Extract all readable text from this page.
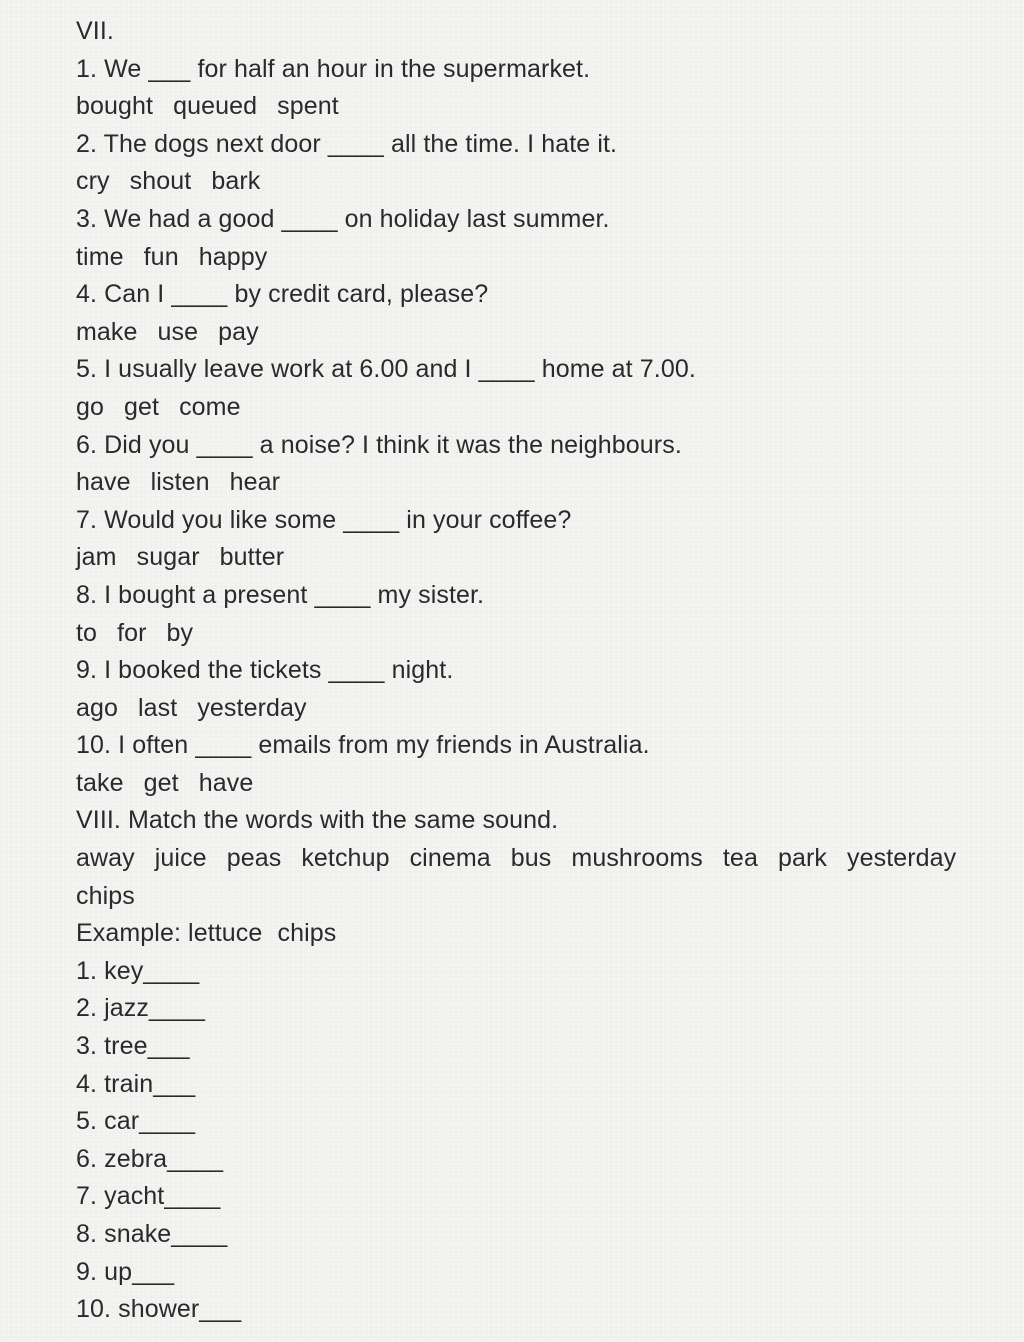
VII.
1. We ___ for half an hour in the supermarket.
bought queued spent
2. The dogs next door ____ all the time. I hate it.
cry shout bark
3. We had a good ____ on holiday last summer.
time fun happy
4. Can I ____ by credit card, please?
make use pay
5. I usually leave work at 6.00 and I ____ home at 7.00.
go get come
6. Did you ____ a noise? I think it was the neighbours.
have listen hear
7. Would you like some ____ in your coffee?
jam sugar butter
8. I bought a present ____ my sister.
to for by
9. I booked the tickets ____ night.
ago last yesterday
10. I often ____ emails from my friends in Australia.
take get have
VIII. Match the words with the same sound.
away juice peas ketchup cinema bus mushrooms tea park yesterday
chips
Example: lettuce chips
1. key____
2. jazz____
3. tree___
4. train___
5. car____
6. zebra____
7. yacht____
8. snake____
9. up___
10. shower___
